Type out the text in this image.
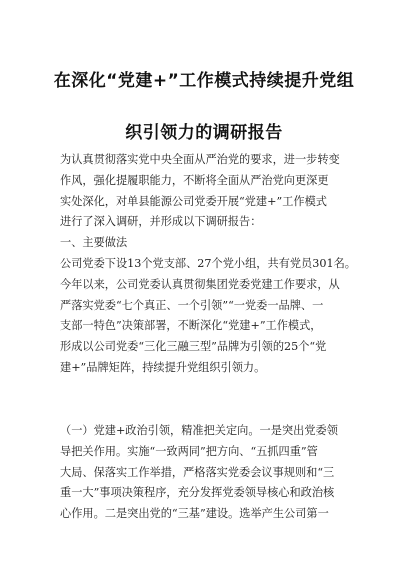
在深化“党建+”工作模式持续提升党组
织引领力的调研报告
为认真贯彻落实党中央全面从严治党的要求，进一步转变
作风，强化提履职能力，不断将全面从严治党向更深更
实处深化，对单县能源公司党委开展“党建+”工作模式
进行了深入调研，并形成以下调研报告：
一、主要做法
公司党委下设13个党支部、27个党小组，共有党员301名。
今年以来，公司党委认真贯彻集团党委党建工作要求，从
严落实党委“七个真正、一个引领”“一党委一品牌、一
支部一特色”决策部署，不断深化“党建+”工作模式，
形成以公司党委“三化三融三型”品牌为引领的25个“党
建+”品牌矩阵，持续提升党组织引领力。
（一）党建+政治引领，精准把关定向。一是突出党委领
导把关作用。实施“一致两同”把方向、“五抓四重”管
大局、保落实工作举措，严格落实党委会议事规则和“三
重一大”事项决策程序，充分发挥党委领导核心和政治核
心作用。二是突出党的“三基”建设。选举产生公司第一
